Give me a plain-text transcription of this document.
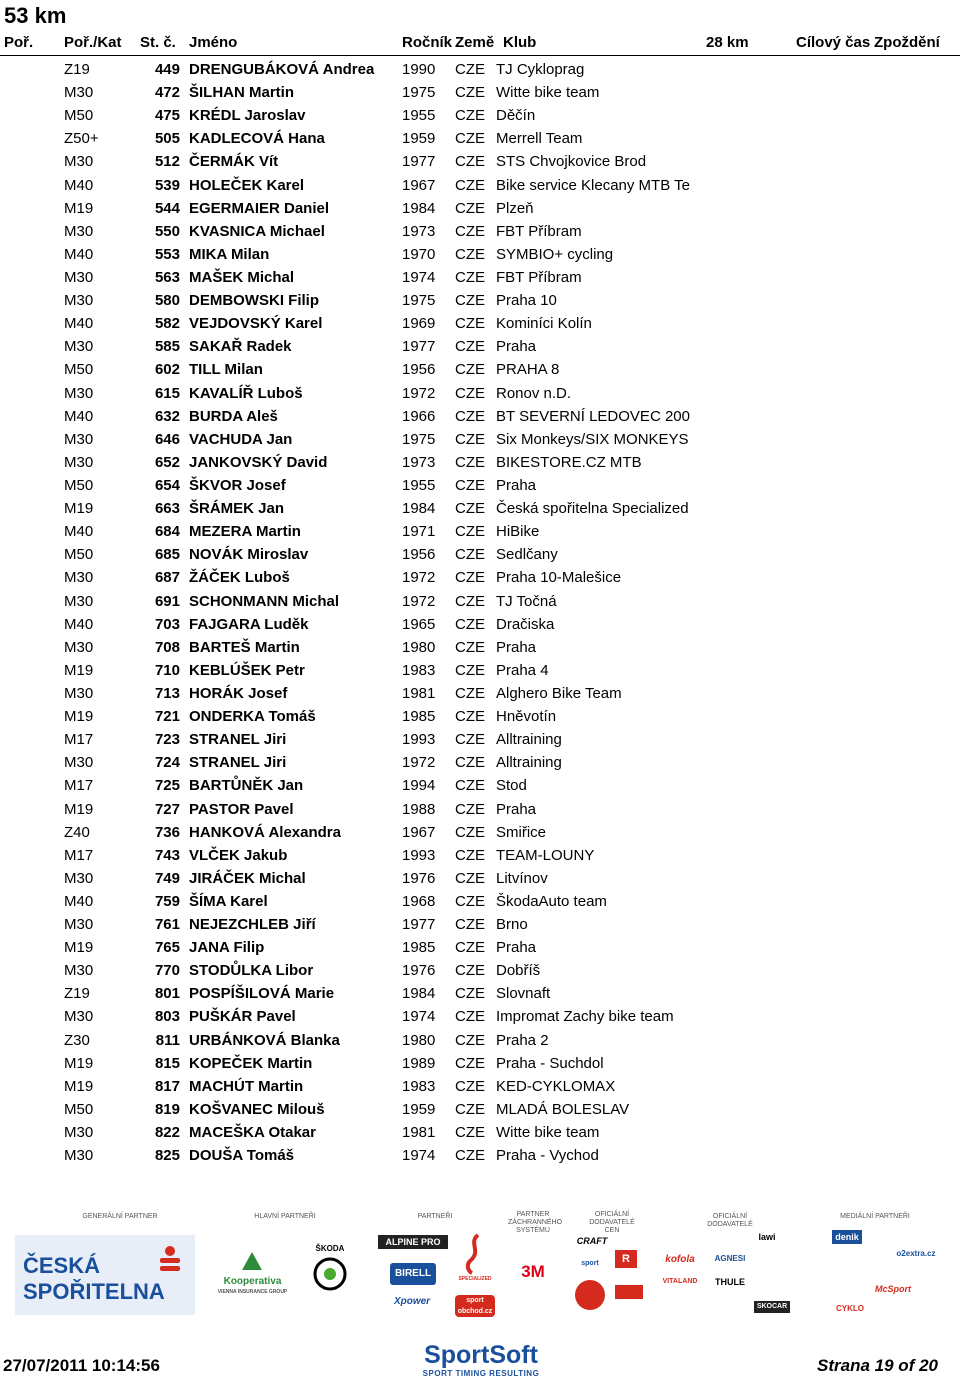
53 km
Poř. Poř./Kat St. č. Jméno	Ročník Země Klub	28 km	Cílový čas Zpoždění
Z19	449 DRENGUBÁKOVÁ Andrea	1990 CZE TJ Cykloprag
M30	472 ŠILHAN Martin	1975 CZE Witte bike team
M50	475 KRÉDL Jaroslav	1955 CZE Děčín
Z50+	505 KADLECOVÁ Hana	1959 CZE Merrell Team
M30	512 ČERMÁK Vít	1977 CZE STS Chvojkovice Brod
M40	539 HOLEČEK Karel	1967 CZE Bike service Klecany MTB Te
M19	544 EGERMAIER Daniel	1984 CZE Plzeň
M30	550 KVASNICA Michael	1973 CZE FBT Příbram
M40	553 MIKA Milan	1970 CZE SYMBIO+ cycling
M30	563 MAŠEK Michal	1974 CZE FBT Příbram
M30	580 DEMBOWSKI Filip	1975 CZE Praha 10
M40	582 VEJDOVSKÝ Karel	1969 CZE Kominíci Kolín
M30	585 SAKAŘ Radek	1977 CZE Praha
M50	602 TILL Milan	1956 CZE PRAHA 8
M30	615 KAVALÍŘ Luboš	1972 CZE Ronov n.D.
M40	632 BURDA Aleš	1966 CZE BT SEVERNÍ LEDOVEC 200
M30	646 VACHUDA Jan	1975 CZE Six Monkeys/SIX MONKEYS
M30	652 JANKOVSKÝ David	1973 CZE BIKESTORE.CZ MTB
M50	654 ŠKVOR Josef	1955 CZE Praha
M19	663 ŠRÁMEK Jan	1984 CZE Česká spořitelna Specialized
M40	684 MEZERA Martin	1971 CZE HiBike
M50	685 NOVÁK Miroslav	1956 CZE Sedlčany
M30	687 ŽÁČEK Luboš	1972 CZE Praha 10-Malešice
M30	691 SCHONMANN Michal	1972 CZE TJ Točná
M40	703 FAJGARA Luděk	1965 CZE Dračiska
M30	708 BARTEŠ Martin	1980 CZE Praha
M19	710 KEBLÚŠEK Petr	1983 CZE Praha 4
M30	713 HORÁK Josef	1981 CZE Alghero Bike Team
M19	721 ONDERKA Tomáš	1985 CZE Hněvotín
M17	723 STRANEL Jiri	1993 CZE Alltraining
M30	724 STRANEL Jiri	1972 CZE Alltraining
M17	725 BARTŮNĚK Jan	1994 CZE Stod
M19	727 PASTOR Pavel	1988 CZE Praha
Z40	736 HANKOVÁ Alexandra	1967 CZE Smiřice
M17	743 VLČEK Jakub	1993 CZE TEAM-LOUNY
M30	749 JIRÁČEK Michal	1976 CZE Litvínov
M40	759 ŠÍMA Karel	1968 CZE ŠkodaAuto team
M30	761 NEJEZCHLEB Jiří	1977 CZE Brno
M19	765 JANA Filip	1985 CZE Praha
M30	770 STODŮLKA Libor	1976 CZE Dobříš
Z19	801 POSPÍŠILOVÁ Marie	1984 CZE Slovnaft
M30	803 PUŠKÁR Pavel	1974 CZE Impromat Zachy bike team
Z30	811 URBÁNKOVÁ Blanka	1980 CZE Praha 2
M19	815 KOPEČEK Martin	1989 CZE Praha - Suchdol
M19	817 MACHÚT Martin	1983 CZE KED-CYKLOMAX
M50	819 KOŠVANEC Milouš	1959 CZE MLADÁ BOLESLAV
M30	822 MACEŠKA Otakar	1981 CZE Witte bike team
M30	825 DOUŠA Tomáš	1974 CZE Praha - Vychod
GENERÁLNÍ PARTNER
ČESKÁ SPOŘITELNA
HLAVNÍ PARTNEŘI
Kooperativa
VIENNA INSURANCE GROUP
ŠKODA
PARTNEŘI
ALPINE PRO
BIRELL
Xpower	sport obchod.cz
SPECIALIZED
PARTNER ZÁCHRANNÉHO SYSTÉMU
3M
OFICIÁLNÍ DODAVATELÉ CEN
CRAFT
R
sport
OFICIÁLNÍ DODAVATELÉ
kofola
lawi
AGNESI
THULE
VITALAND
SKOCAR
MEDIÁLNÍ PARTNEŘI
denik
o2extra.cz
McSport
CYKLO
27/07/2011 10:14:56	SportSoft
SPORT TIMING RESULTING	Strana 19 of 20
